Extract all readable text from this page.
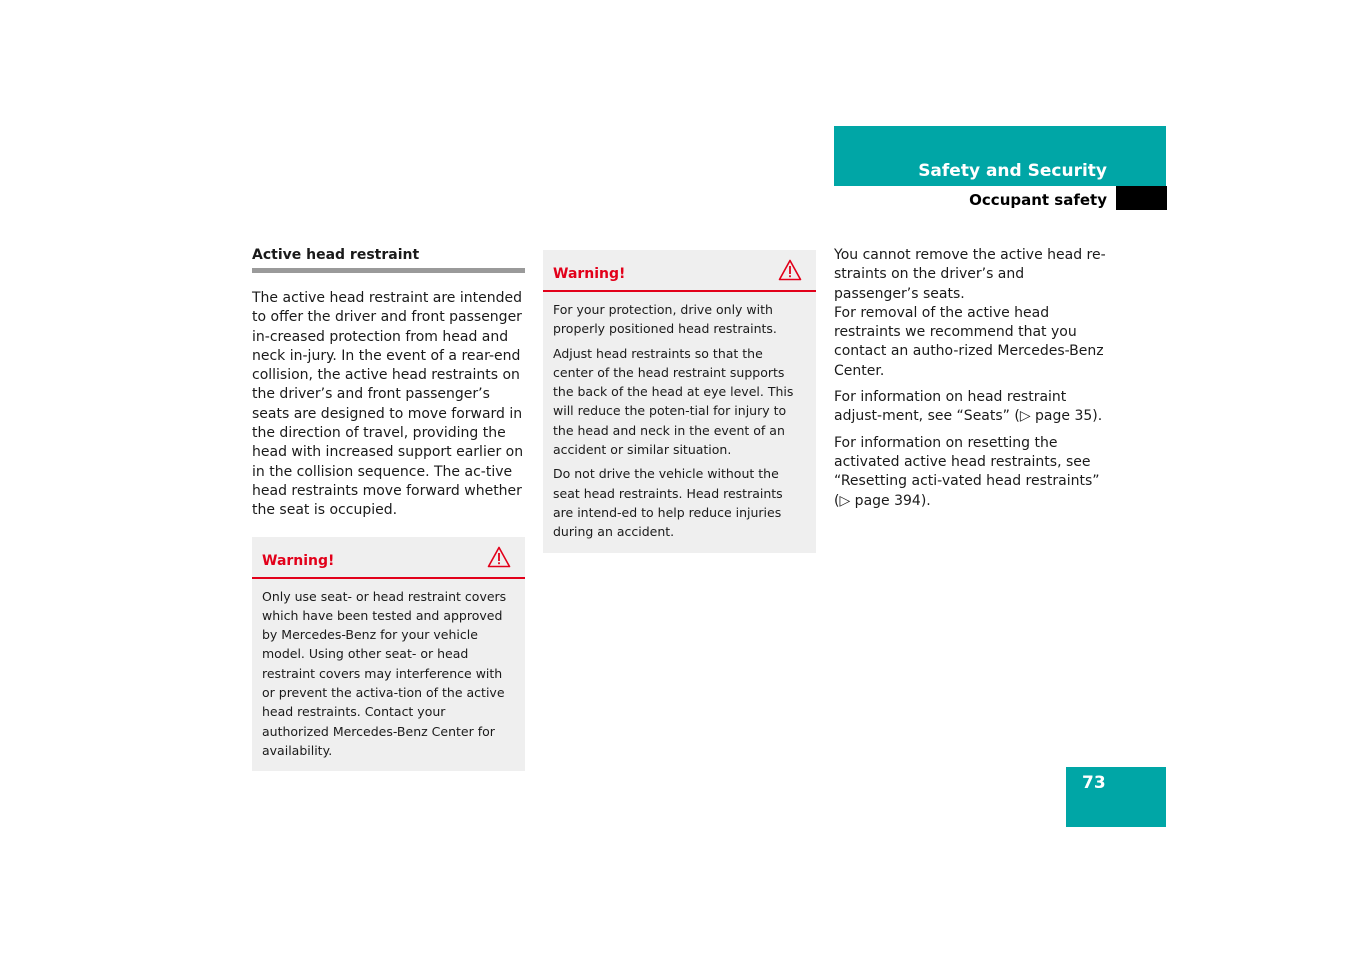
Safety and Security
Occupant safety
Active head restraint

The active head restraint are intended to offer the driver and front passenger in-creased protection from head and neck in-jury. In the event of a rear-end collision, the active head restraints on the driver’s and front passenger’s seats are designed to move forward in the direction of travel, providing the head with increased support earlier on in the collision sequence. The ac-tive head restraints move forward whether the seat is occupied.

Warning!

Only use seat- or head restraint covers which have been tested and approved by Mercedes-Benz for your vehicle model. Using other seat- or head restraint covers may interference with or prevent the activa-tion of the active head restraints. Contact your authorized Mercedes-Benz Center for availability.

Warning!

For your protection, drive only with properly positioned head restraints.

Adjust head restraints so that the center of the head restraint supports the back of the head at eye level. This will reduce the poten-tial for injury to the head and neck in the event of an accident or similar situation.

Do not drive the vehicle without the seat head restraints. Head restraints are intend-ed to help reduce injuries during an accident.

You cannot remove the active head re-straints on the driver’s and passenger’s seats.

For removal of the active head restraints we recommend that you contact an autho-rized Mercedes-Benz Center.

For information on head restraint adjust-ment, see “Seats” (▷ page 35).

For information on resetting the activated active head restraints, see “Resetting acti-vated head restraints” (▷ page 394).

73
